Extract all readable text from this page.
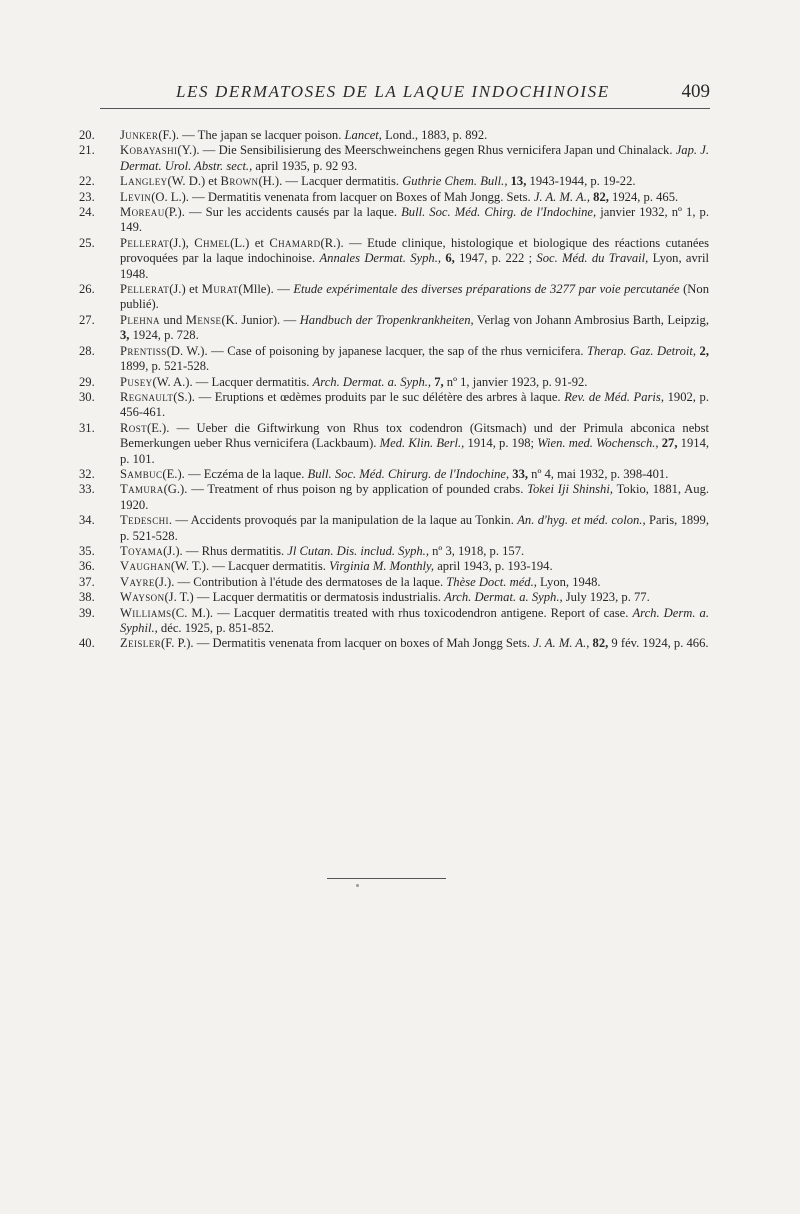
LES DERMATOSES DE LA LAQUE INDOCHINOISE	409

20. Junker(F.). — The japan se lacquer poison. Lancet, Lond., 1883, p. 892.

21. Kobayashi(Y.). — Die Sensibilisierung des Meerschweinchens gegen Rhus vernicifera Japan und Chinalack. Jap. J. Dermat. Urol. Abstr. sect., april 1935, p. 92 93.

22. Langley(W. D.) et Brown(H.). — Lacquer dermatitis. Guthrie Chem. Bull., 13, 1943-1944, p. 19-22.

23. Levin(O. L.). — Dermatitis venenata from lacquer on Boxes of Mah Jongg. Sets. J. A. M. A., 82, 1924, p. 465.

24. Moreau(P.). — Sur les accidents causés par la laque. Bull. Soc. Méd. Chirg. de l'Indochine, janvier 1932, nº 1, p. 149.

25. Pellerat(J.), Chmel(L.) et Chamard(R.). — Etude clinique, histologique et biologique des réactions cutanées provoquées par la laque indochinoise. Annales Dermat. Syph., 6, 1947, p. 222 ; Soc. Méd. du Travail, Lyon, avril 1948.

26. Pellerat(J.) et Murat(Mlle). — Etude expérimentale des diverses préparations de 3277 par voie percutanée (Non publié).

27. Plehna und Mense(K. Junior). — Handbuch der Tropenkrankheiten, Verlag von Johann Ambrosius Barth, Leipzig, 3, 1924, p. 728.

28. Prentiss(D. W.). — Case of poisoning by japanese lacquer, the sap of the rhus vernicifera. Therap. Gaz. Detroit, 2, 1899, p. 521-528.

29. Pusey(W. A.). — Lacquer dermatitis. Arch. Dermat. a. Syph., 7, nº 1, janvier 1923, p. 91-92.

30. Regnault(S.). — Eruptions et œdèmes produits par le suc délétère des arbres à laque. Rev. de Méd. Paris, 1902, p. 456-461.

31. Rost(E.). — Ueber die Giftwirkung von Rhus tox codendron (Gitsmach) und der Primula abconica nebst Bemerkungen ueber Rhus vernicifera (Lackbaum). Med. Klin. Berl., 1914, p. 198; Wien. med. Wochensch., 27, 1914, p. 101.

32. Sambuc(E.). — Eczéma de la laque. Bull. Soc. Méd. Chirurg. de l'Indochine, 33, nº 4, mai 1932, p. 398-401.

33. Tamura(G.). — Treatment of rhus poison ng by application of pounded crabs. Tokei Iji Shinshi, Tokio, 1881, Aug. 1920.

34. Tedeschi. — Accidents provoqués par la manipulation de la laque au Tonkin. An. d'hyg. et méd. colon., Paris, 1899, p. 521-528.

35. Toyama(J.). — Rhus dermatitis. Jl Cutan. Dis. includ. Syph., nº 3, 1918, p. 157.

36. Vaughan(W. T.). — Lacquer dermatitis. Virginia M. Monthly, april 1943, p. 193-194.

37. Vayre(J.). — Contribution à l'étude des dermatoses de la laque. Thèse Doct. méd., Lyon, 1948.

38. Wayson(J. T.) — Lacquer dermatitis or dermatosis industrialis. Arch. Dermat. a. Syph., July 1923, p. 77.

39. Williams(C. M.). — Lacquer dermatitis treated with rhus toxicodendron antigene. Report of case. Arch. Derm. a. Syphil., déc. 1925, p. 851-852.

40. Zeisler(F. P.). — Dermatitis venenata from lacquer on boxes of Mah Jongg Sets. J. A. M. A., 82, 9 fév. 1924, p. 466.
